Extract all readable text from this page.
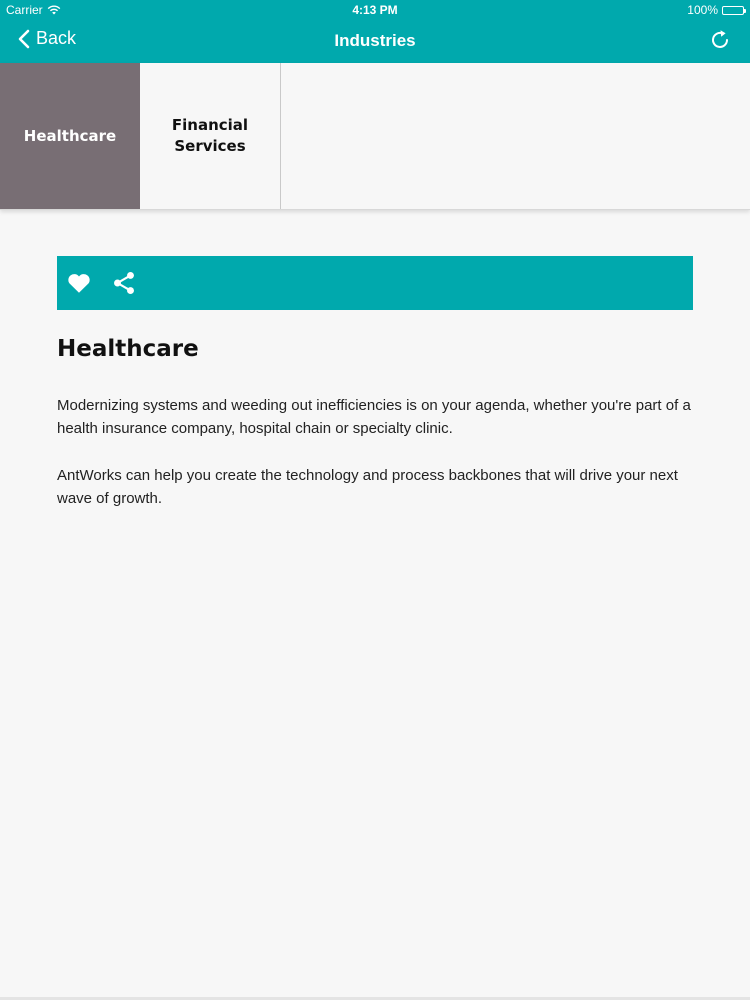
Carrier	4:13 PM	100%
Back	Industries
Healthcare
Financial Services
Healthcare

Modernizing systems and weeding out inefficiencies is on your agenda, whether you're part of a health insurance company, hospital chain or specialty clinic.

AntWorks can help you create the technology and process backbones that will drive your next wave of growth.
